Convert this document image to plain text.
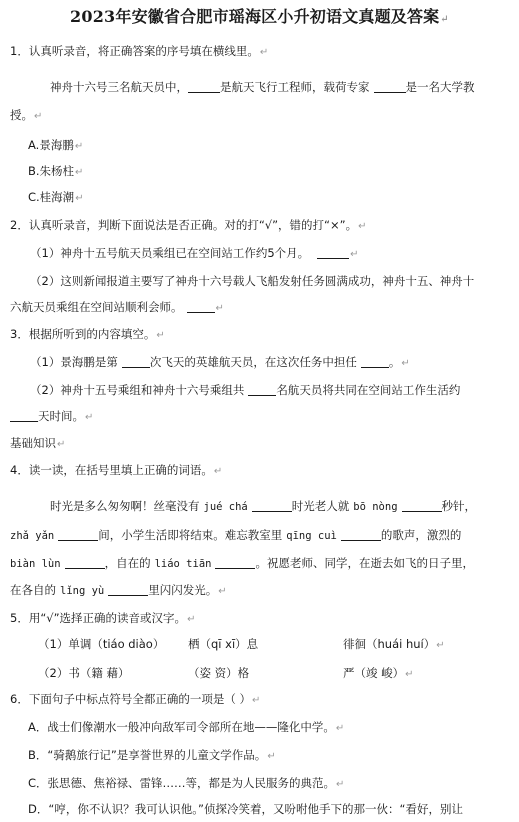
2023年安徽省合肥市瑶海区小升初语文真题及答案↵
1．认真听录音，将正确答案的序号填在横线里。↵
神舟十六号三名航天员中，	是航天飞行工程师，载荷专家	是一名大学教
授。↵
A.景海鹏↵
B.朱杨柱↵
C.桂海潮↵
2．认真听录音，判断下面说法是否正确。对的打“√”，错的打“×”。↵
（1）神舟十五号航天员乘组已在空间站工作约5个月。	↵
（2）这则新闻报道主要写了神舟十六号载人飞船发射任务圆满成功，神舟十五、神舟十
六航天员乘组在空间站顺利会师。	↵
3．根据所听到的内容填空。↵
（1）景海鹏是第	次飞天的英雄航天员，在这次任务中担任	。↵
（2）神舟十五号乘组和神舟十六号乘组共	名航天员将共同在空间站工作生活约
天时间。↵
基础知识↵
4．读一读，在括号里填上正确的词语。↵
时光是多么匆匆啊！丝毫没有 jué chá	时光老人就 bō nòng	秒针，
zhǎ yǎn	间，小学生活即将结束。难忘教室里 qīng cuì	的歌声，激烈的
biàn lùn	，自在的 liáo tiān	。祝愿老师、同学，在逝去如飞的日子里，
在各自的 lǐng yù	里闪闪发光。↵
5．用“√”选择正确的读音或汉字。↵
（1）单调（tiáo diào）	栖（qī xī）息	徘徊（huái huí）↵
（2）书（籍 藉）	（姿 资）格	严（竣 峻）↵
6．下面句子中标点符号全都正确的一项是（ ）↵
A．战士们像潮水一般冲向敌军司令部所在地——隆化中学。↵
B．“骑鹅旅行记”是享誉世界的儿童文学作品。↵
C．张思德、焦裕禄、雷锋……等，都是为人民服务的典范。↵
D．“哼，你不认识？我可认识他。”侦探冷笑着，又吩咐他手下的那一伙：“看好，别让
